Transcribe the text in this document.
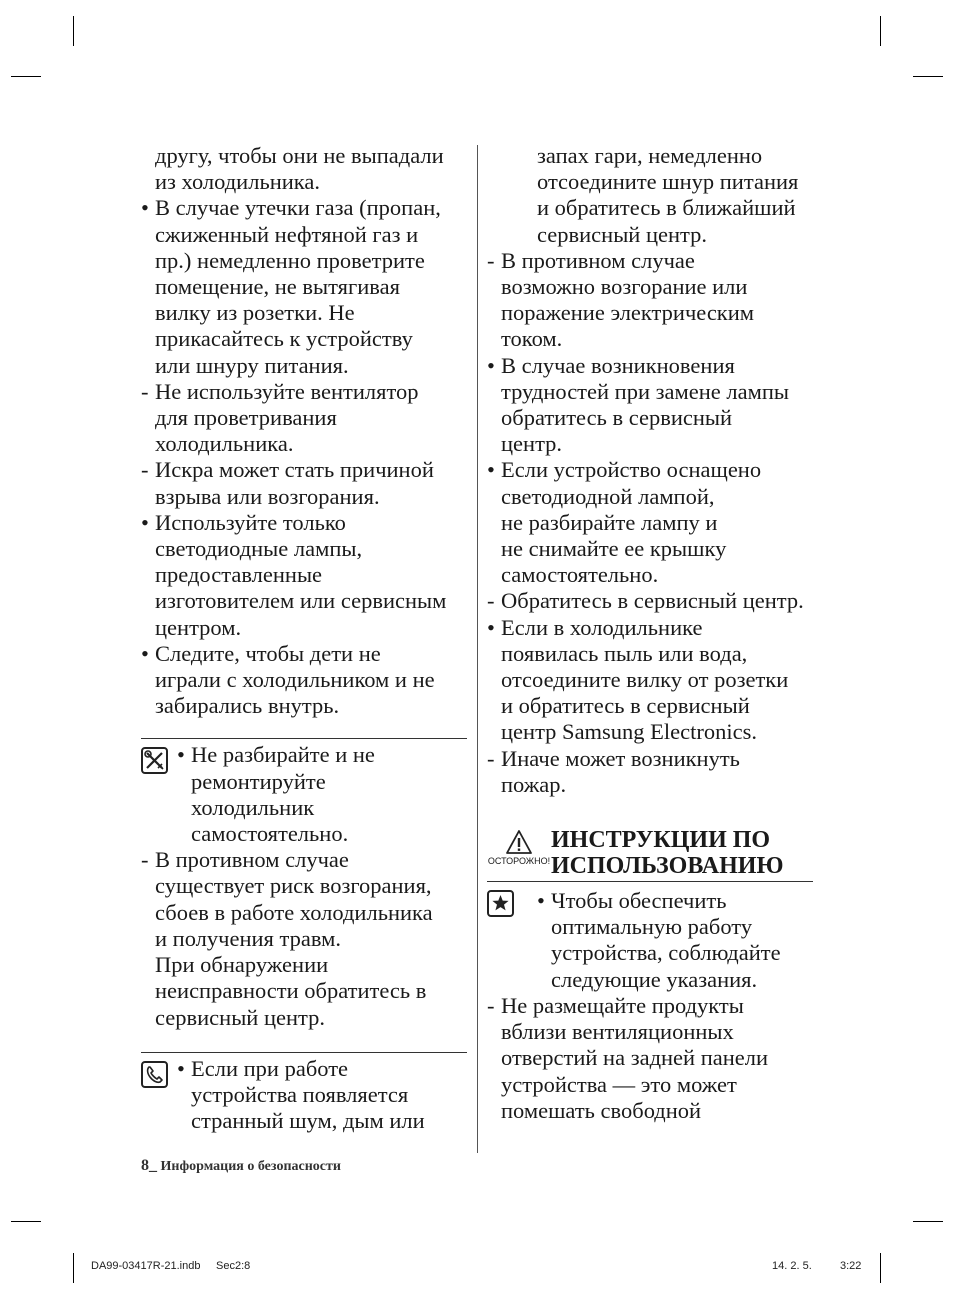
другу, чтобы они не выпадали
из холодильника.

• В случае утечки газа (пропан,
сжиженный нефтяной газ и
пр.) немедленно проветрите
помещение, не вытягивая
вилку из розетки. Не
прикасайтесь к устройству
или шнуру питания.
- Не используйте вентилятор
для проветривания
холодильника.
- Искра может стать причиной
взрыва или возгорания.
• Используйте только
светодиодные лампы,
предоставленные
изготовителем или сервисным
центром.
• Следите, чтобы дети не
играли с холодильником и не
забирались внутрь.
• Не разбирайте и не
ремонтируйте
холодильник
самостоятельно.
- В противном случае
существует риск возгорания,
сбоев в работе холодильника
и получения травм.

При обнаружении
неисправности обратитесь в
сервисный центр.

• Если при работе
устройства появляется
странный шум, дым или

запах гари, немедленно
отсоедините шнур питания
и обратитесь в ближайший
сервисный центр.

- В противном случае
возможно возгорание или
поражение электрическим
током.
• В случае возникновения
трудностей при замене лампы
обратитесь в сервисный
центр.
• Если устройство оснащено
светодиодной лампой,
не разбирайте лампу и
не снимайте ее крышку
самостоятельно.
- Обратитесь в сервисный центр.
• Если в холодильнике
появилась пыль или вода,
отсоедините вилку от розетки
и обратитесь в сервисный
центр Samsung Electronics.
- Иначе может возникнуть
пожар.
ОСТОРОЖНО!
ИНСТРУКЦИИ ПО
ИСПОЛЬЗОВАНИЮ
• Чтобы обеспечить
оптимальную работу
устройства, соблюдайте
следующие указания.
- Не размещайте продукты
вблизи вентиляционных
отверстий на задней панели
устройства — это может
помешать свободной
8_ Информация о безопасности
DA99-03417R-21.indb Sec2:8	14. 2. 5.	3:22
